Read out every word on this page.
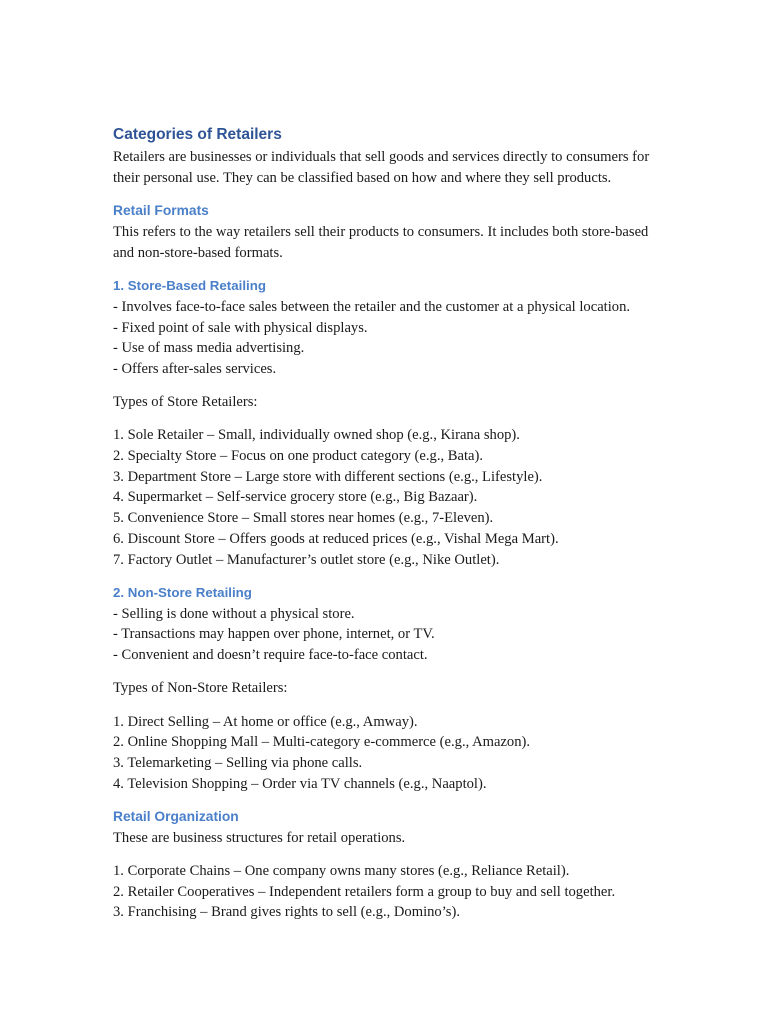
Categories of Retailers

Retailers are businesses or individuals that sell goods and services directly to consumers for their personal use. They can be classified based on how and where they sell products.

Retail Formats

This refers to the way retailers sell their products to consumers. It includes both store-based and non-store-based formats.

1. Store-Based Retailing
- Involves face-to-face sales between the retailer and the customer at a physical location.
- Fixed point of sale with physical displays.
- Use of mass media advertising.
- Offers after-sales services.

Types of Store Retailers:

1. Sole Retailer – Small, individually owned shop (e.g., Kirana shop).
2. Specialty Store – Focus on one product category (e.g., Bata).
3. Department Store – Large store with different sections (e.g., Lifestyle).
4. Supermarket – Self-service grocery store (e.g., Big Bazaar).
5. Convenience Store – Small stores near homes (e.g., 7-Eleven).
6. Discount Store – Offers goods at reduced prices (e.g., Vishal Mega Mart).
7. Factory Outlet – Manufacturer’s outlet store (e.g., Nike Outlet).
2. Non-Store Retailing
- Selling is done without a physical store.
- Transactions may happen over phone, internet, or TV.
- Convenient and doesn’t require face-to-face contact.

Types of Non-Store Retailers:

1. Direct Selling – At home or office (e.g., Amway).
2. Online Shopping Mall – Multi-category e-commerce (e.g., Amazon).
3. Telemarketing – Selling via phone calls.
4. Television Shopping – Order via TV channels (e.g., Naaptol).
Retail Organization

These are business structures for retail operations.

1. Corporate Chains – One company owns many stores (e.g., Reliance Retail).
2. Retailer Cooperatives – Independent retailers form a group to buy and sell together.
3. Franchising – Brand gives rights to sell (e.g., Domino’s).
